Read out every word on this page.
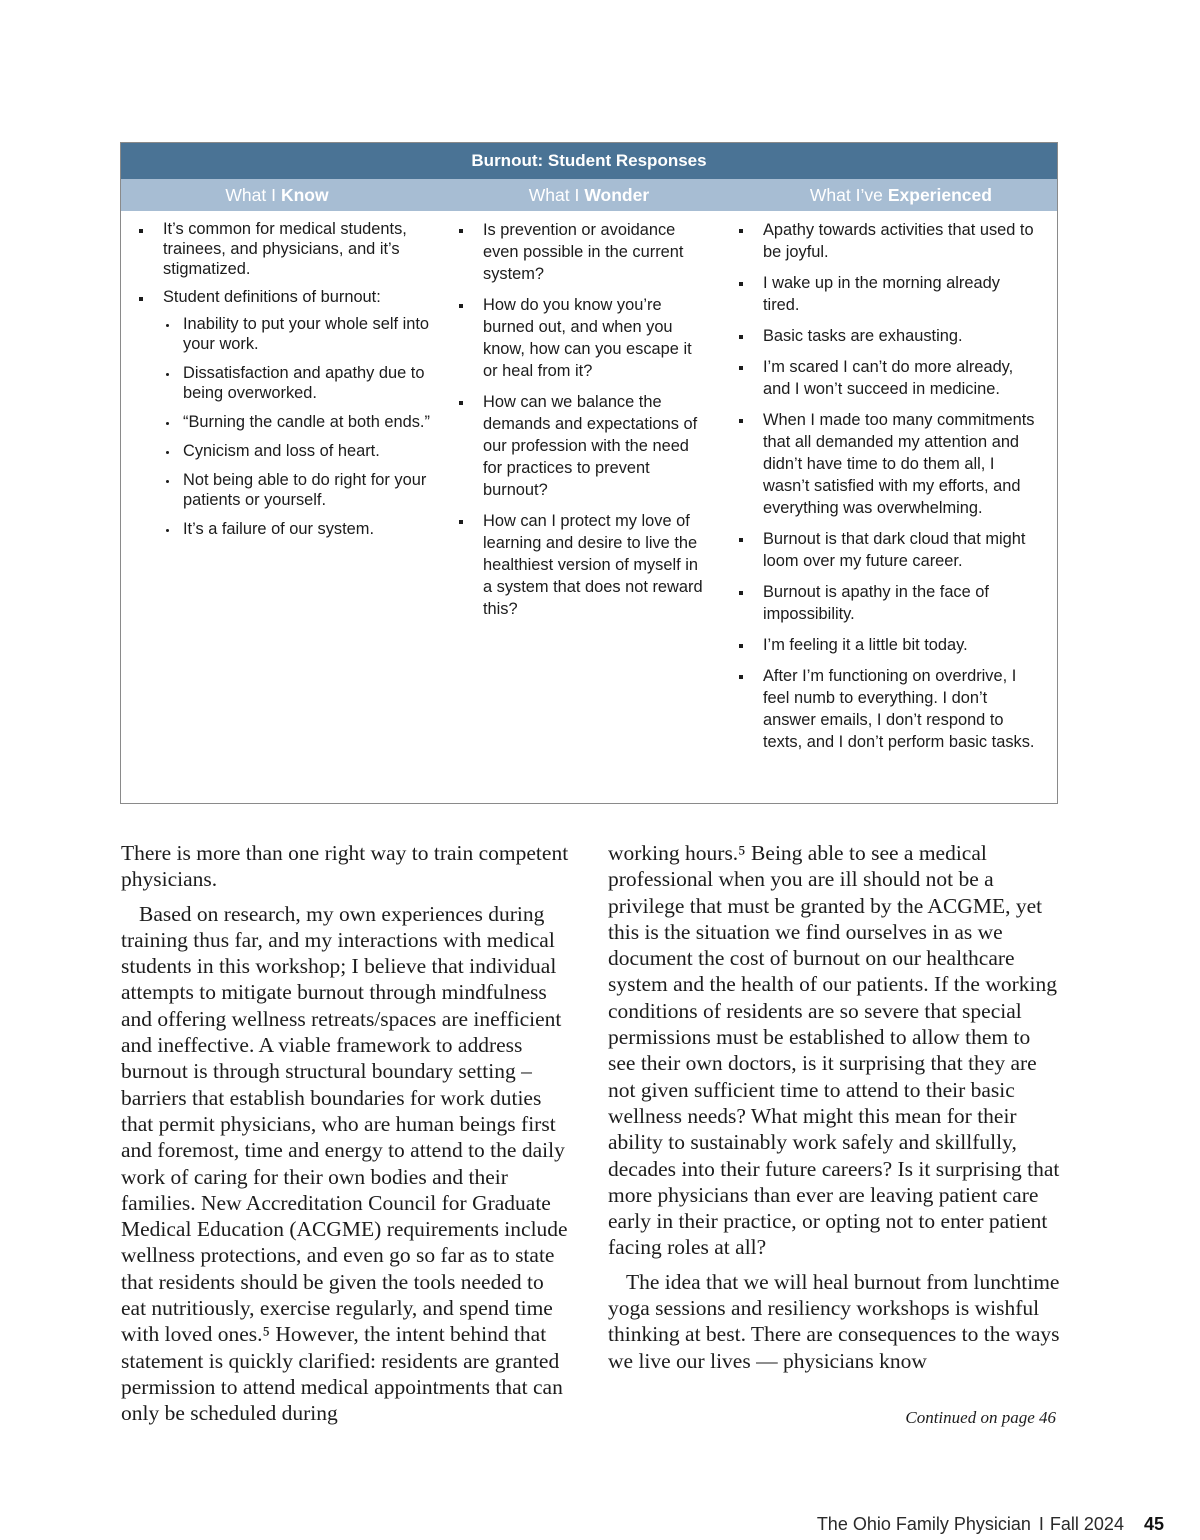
Burnout: Student Responses
What I Know	What I Wonder	What I’ve Experienced
It’s common for medical students, trainees, and physicians, and it’s stigmatized.
Student definitions of burnout:
Inability to put your whole self into your work.
Dissatisfaction and apathy due to being overworked.
“Burning the candle at both ends.”
Cynicism and loss of heart.
Not being able to do right for your patients or yourself.
It’s a failure of our system.
Is prevention or avoidance even possible in the current system?
How do you know you’re burned out, and when you know, how can you escape it or heal from it?
How can we balance the demands and expectations of our profession with the need for practices to prevent burnout?
How can I protect my love of learning and desire to live the healthiest version of myself in a system that does not reward this?
Apathy towards activities that used to be joyful.
I wake up in the morning already tired.
Basic tasks are exhausting.
I’m scared I can’t do more already, and I won’t succeed in medicine.
When I made too many commitments that all demanded my attention and didn’t have time to do them all, I wasn’t satisfied with my efforts, and everything was overwhelming.
Burnout is that dark cloud that might loom over my future career.
Burnout is apathy in the face of impossibility.
I’m feeling it a little bit today.
After I’m functioning on overdrive, I feel numb to everything. I don’t answer emails, I don’t respond to texts, and I don’t perform basic tasks.

There is more than one right way to train competent physicians.

Based on research, my own experiences during training thus far, and my interactions with medical students in this workshop; I believe that individual attempts to mitigate burnout through mindfulness and offering wellness retreats/spaces are inefficient and ineffective. A viable framework to address burnout is through structural boundary setting – barriers that establish boundaries for work duties that permit physicians, who are human beings first and foremost, time and energy to attend to the daily work of caring for their own bodies and their families. New Accreditation Council for Graduate Medical Education (ACGME) requirements include wellness protections, and even go so far as to state that residents should be given the tools needed to eat nutritiously, exercise regularly, and spend time with loved ones.⁵ However, the intent behind that statement is quickly clarified: residents are granted permission to attend medical appointments that can only be scheduled during

working hours.⁵ Being able to see a medical professional when you are ill should not be a privilege that must be granted by the ACGME, yet this is the situation we find ourselves in as we document the cost of burnout on our healthcare system and the health of our patients. If the working conditions of residents are so severe that special permissions must be established to allow them to see their own doctors, is it surprising that they are not given sufficient time to attend to their basic wellness needs? What might this mean for their ability to sustainably work safely and skillfully, decades into their future careers? Is it surprising that more physicians than ever are leaving patient care early in their practice, or opting not to enter patient facing roles at all?

The idea that we will heal burnout from lunchtime yoga sessions and resiliency workshops is wishful thinking at best. There are consequences to the ways we live our lives — physicians know

Continued on page 46
The Ohio Family Physician I Fall 2024 45
